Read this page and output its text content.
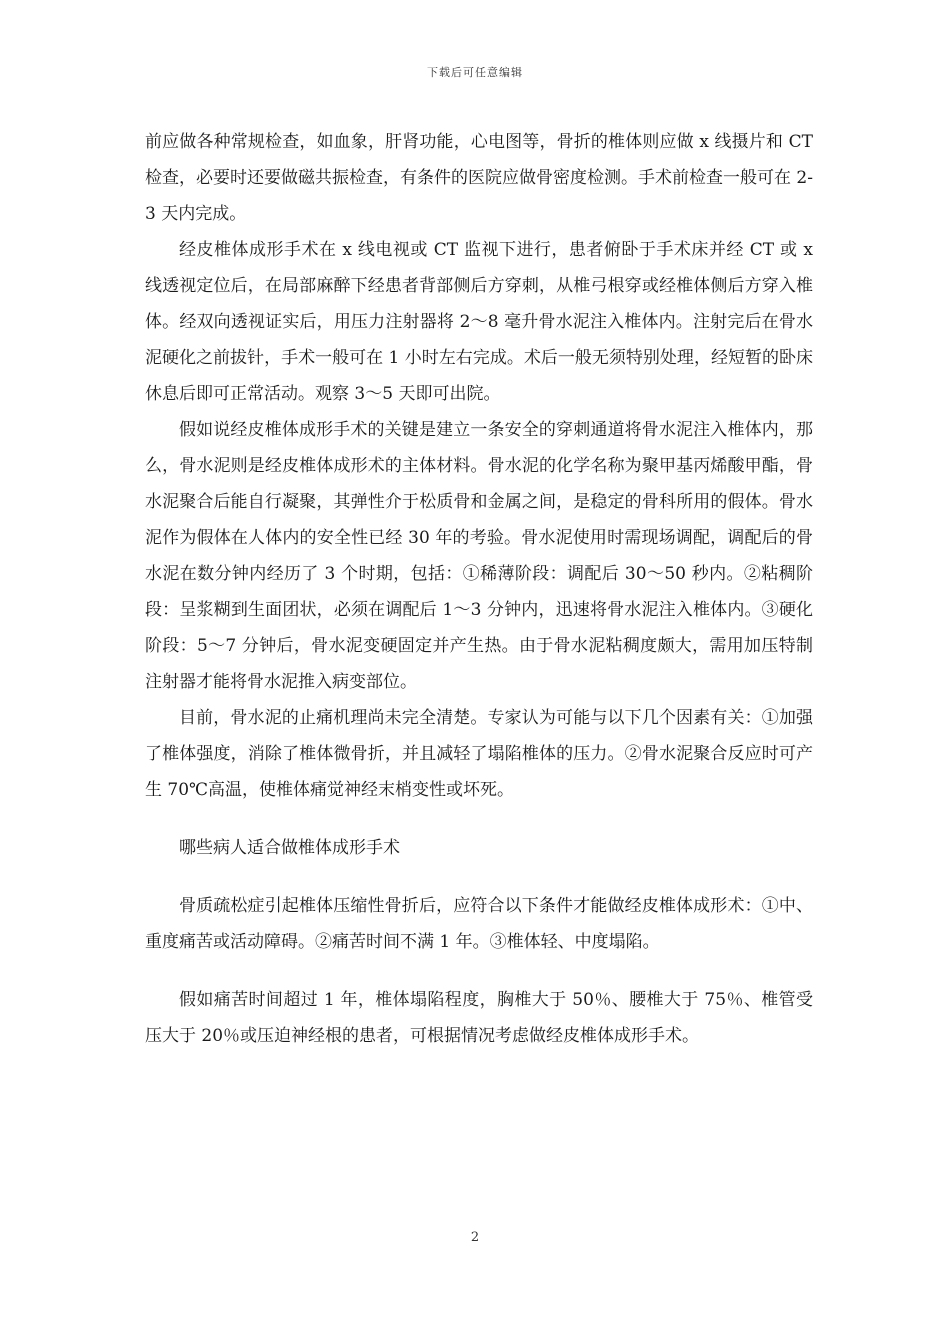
下载后可任意编辑

前应做各种常规检查，如血象，肝肾功能，心电图等，骨折的椎体则应做 x 线摄片和 CT 检查，必要时还要做磁共振检查，有条件的医院应做骨密度检测。手术前检查一般可在 2-3 天内完成。

经皮椎体成形手术在 x 线电视或 CT 监视下进行，患者俯卧于手术床并经 CT 或 x 线透视定位后，在局部麻醉下经患者背部侧后方穿刺，从椎弓根穿或经椎体侧后方穿入椎体。经双向透视证实后，用压力注射器将 2～8 毫升骨水泥注入椎体内。注射完后在骨水泥硬化之前拔针，手术一般可在 1 小时左右完成。术后一般无须特别处理，经短暂的卧床休息后即可正常活动。观察 3～5 天即可出院。

假如说经皮椎体成形手术的关键是建立一条安全的穿刺通道将骨水泥注入椎体内，那么，骨水泥则是经皮椎体成形术的主体材料。骨水泥的化学名称为聚甲基丙烯酸甲酯，骨水泥聚合后能自行凝聚，其弹性介于松质骨和金属之间，是稳定的骨科所用的假体。骨水泥作为假体在人体内的安全性已经 30 年的考验。骨水泥使用时需现场调配，调配后的骨水泥在数分钟内经历了 3 个时期，包括：①稀薄阶段：调配后 30～50 秒内。②粘稠阶段：呈浆糊到生面团状，必须在调配后 1～3 分钟内，迅速将骨水泥注入椎体内。③硬化阶段：5～7 分钟后，骨水泥变硬固定并产生热。由于骨水泥粘稠度颇大，需用加压特制注射器才能将骨水泥推入病变部位。

目前，骨水泥的止痛机理尚未完全清楚。专家认为可能与以下几个因素有关：①加强了椎体强度，消除了椎体微骨折，并且减轻了塌陷椎体的压力。②骨水泥聚合反应时可产生 70℃高温，使椎体痛觉神经末梢变性或坏死。

哪些病人适合做椎体成形手术

骨质疏松症引起椎体压缩性骨折后，应符合以下条件才能做经皮椎体成形术：①中、重度痛苦或活动障碍。②痛苦时间不满 1 年。③椎体轻、中度塌陷。

假如痛苦时间超过 1 年，椎体塌陷程度，胸椎大于 50％、腰椎大于 75％、椎管受压大于 20％或压迫神经根的患者，可根据情况考虑做经皮椎体成形手术。

2
